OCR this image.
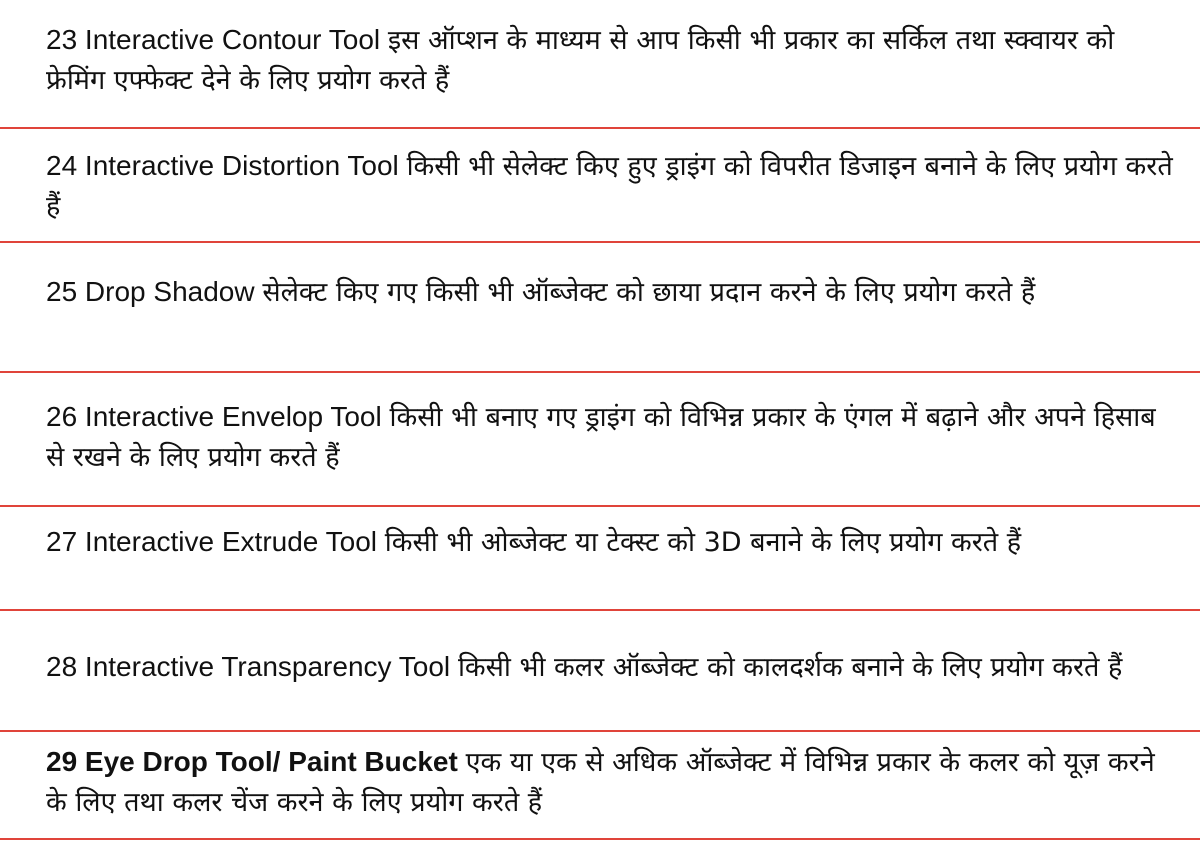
23 Interactive Contour Tool इस ऑप्शन के माध्यम से आप किसी भी प्रकार का सर्किल तथा स्क्वायर को फ्रेमिंग एफ्फेक्ट देने के लिए प्रयोग करते हैं

24 Interactive Distortion Tool किसी भी सेलेक्ट किए हुए ड्राइंग को विपरीत डिजाइन बनाने के लिए प्रयोग करते हैं

25 Drop Shadow सेलेक्ट किए गए किसी भी ऑब्जेक्ट को छाया प्रदान करने के लिए प्रयोग करते हैं

26 Interactive Envelop Tool किसी भी बनाए गए ड्राइंग को विभिन्न प्रकार के एंगल में बढ़ाने और अपने हिसाब से रखने के लिए प्रयोग करते हैं

27 Interactive Extrude Tool किसी भी ओब्जेक्ट या टेक्स्ट को 3D बनाने के लिए प्रयोग करते हैं

28 Interactive Transparency Tool किसी भी कलर ऑब्जेक्ट को कालदर्शक बनाने के लिए प्रयोग करते हैं

29 Eye Drop Tool/ Paint Bucket एक या एक से अधिक ऑब्जेक्ट में विभिन्न प्रकार के कलर को यूज़ करने के लिए तथा कलर चेंज करने के लिए प्रयोग करते हैं
